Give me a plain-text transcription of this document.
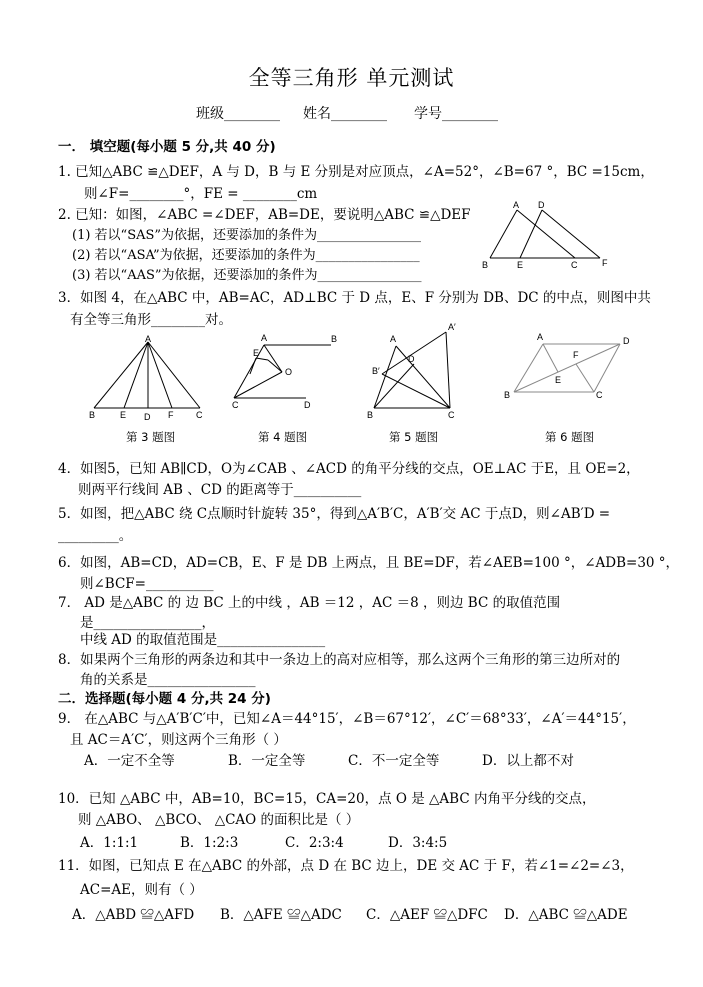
全等三角形 单元测试
班级________ 姓名________ 学号________
一． 填空题(每小题 5 分,共 40 分)
1. 已知△ABC ≌△DEF，A 与 D，B 与 E 分别是对应顶点，∠A=52°，∠B=67 °，BC =15cm，
则∠F=________°，FE = ________cm
2. 已知：如图，∠ABC =∠DEF，AB=DE，要说明△ABC ≌△DEF
(1) 若以“SAS”为依据，还要添加的条件为________________
(2) 若以“ASA”为依据，还要添加的条件为________________
(3) 若以“AAS”为依据，还要添加的条件为________________
A D
B	E	C	F
3．如图 4，在△ABC 中，AB=AC，AD⊥BC 于 D 点，E、F 分别为 DB、DC 的中点，则图中共
有全等三角形________对。
A
B	E D F	C
A	B
E
O
C	D
A
A′
D
B′
B	C
A	D
F
E
B	C
第 3 题图	第 4 题图	第 5 题图	第 6 题图
4．如图5，已知 AB∥CD，O为∠CAB 、∠ACD 的角平分线的交点，OE⊥AC 于E，且 OE=2，
则两平行线间 AB 、CD 的距离等于__________
5．如图，把△ABC 绕 C点顺时针旋转 35°，得到△A′B′C，A′B′交 AC 于点D，则∠AB′D =
_________。
6．如图，AB=CD，AD=CB，E、F 是 DB 上两点，且 BE=DF，若∠AEB=100 °，∠ADB=30 °，
则∠BCF=__________
7． AD 是△ABC 的 边 BC 上的中线 ，AB ＝12 ，AC ＝8 ，则边 BC 的取值范围
是________________，
中线 AD 的取值范围是________________
8．如果两个三角形的两条边和其中一条边上的高对应相等，那么这两个三角形的第三边所对的
角的关系是________________
二．选择题(每小题 4 分,共 24 分)
9． 在△ABC 与△A′B′C′中，已知∠A＝44°15′，∠B＝67°12′，∠C′＝68°33′，∠A′＝44°15′，
且 AC＝A′C′，则这两个三角形（ ）
A．一定不全等	B．一定全等	C．不一定全等	D．以上都不对
10．已知 △ABC 中，AB=10，BC=15，CA=20，点 O 是 △ABC 内角平分线的交点，
则 △ABO、 △BCO、 △CAO 的面积比是（ ）
A．1:1:1	B．1:2:3	C．2:3:4	D．3:4:5
11．如图，已知点 E 在△ABC 的外部，点 D 在 BC 边上，DE 交 AC 于 F，若∠1=∠2=∠3，
AC=AE，则有（ ）
A．△ABD ≌△AFD B．△AFE ≌△ADC C．△AEF ≌△DFC D．△ABC ≌△ADE
